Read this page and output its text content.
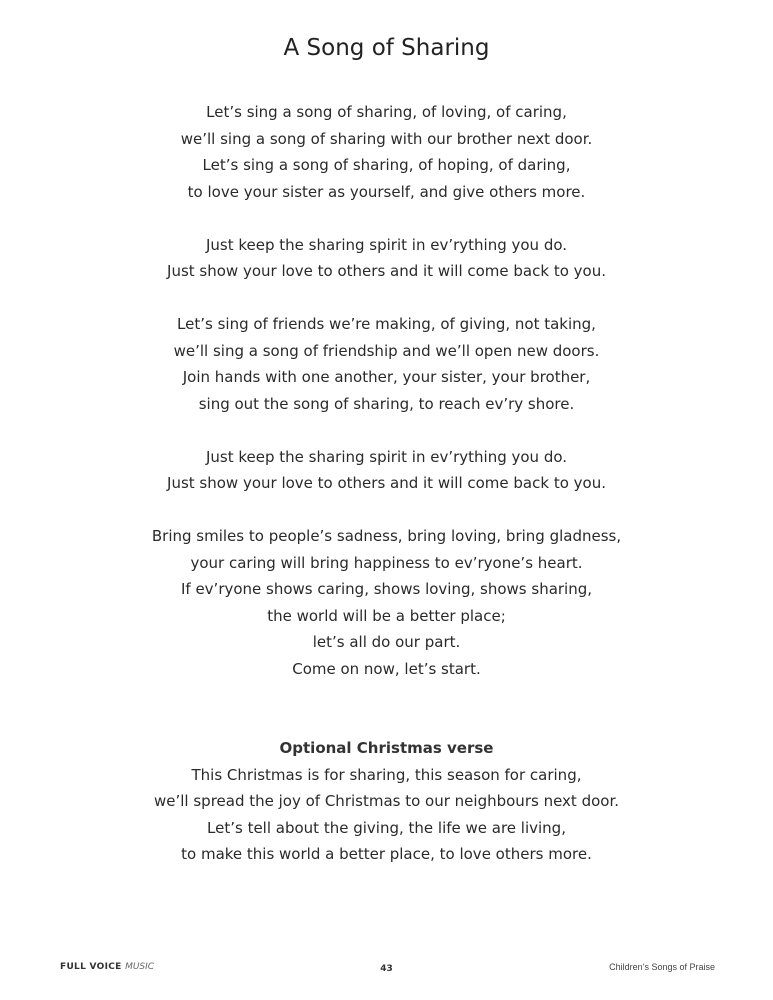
A Song of Sharing
Let’s sing a song of sharing, of loving, of caring,
we’ll sing a song of sharing with our brother next door.
Let’s sing a song of sharing, of hoping, of daring,
to love your sister as yourself, and give others more.
Just keep the sharing spirit in ev’rything you do.
Just show your love to others and it will come back to you.
Let’s sing of friends we’re making, of giving, not taking,
we’ll sing a song of friendship and we’ll open new doors.
Join hands with one another, your sister, your brother,
sing out the song of sharing, to reach ev’ry shore.
Just keep the sharing spirit in ev’rything you do.
Just show your love to others and it will come back to you.
Bring smiles to people’s sadness, bring loving, bring gladness,
your caring will bring happiness to ev’ryone’s heart.
If ev’ryone shows caring, shows loving, shows sharing,
the world will be a better place;
let’s all do our part.
Come on now, let’s start.
Optional Christmas verse
This Christmas is for sharing, this season for caring,
we’ll spread the joy of Christmas to our neighbours next door.
Let’s tell about the giving, the life we are living,
to make this world a better place, to love others more.
FULL VOICE MUSIC	43	Children’s Songs of Praise
